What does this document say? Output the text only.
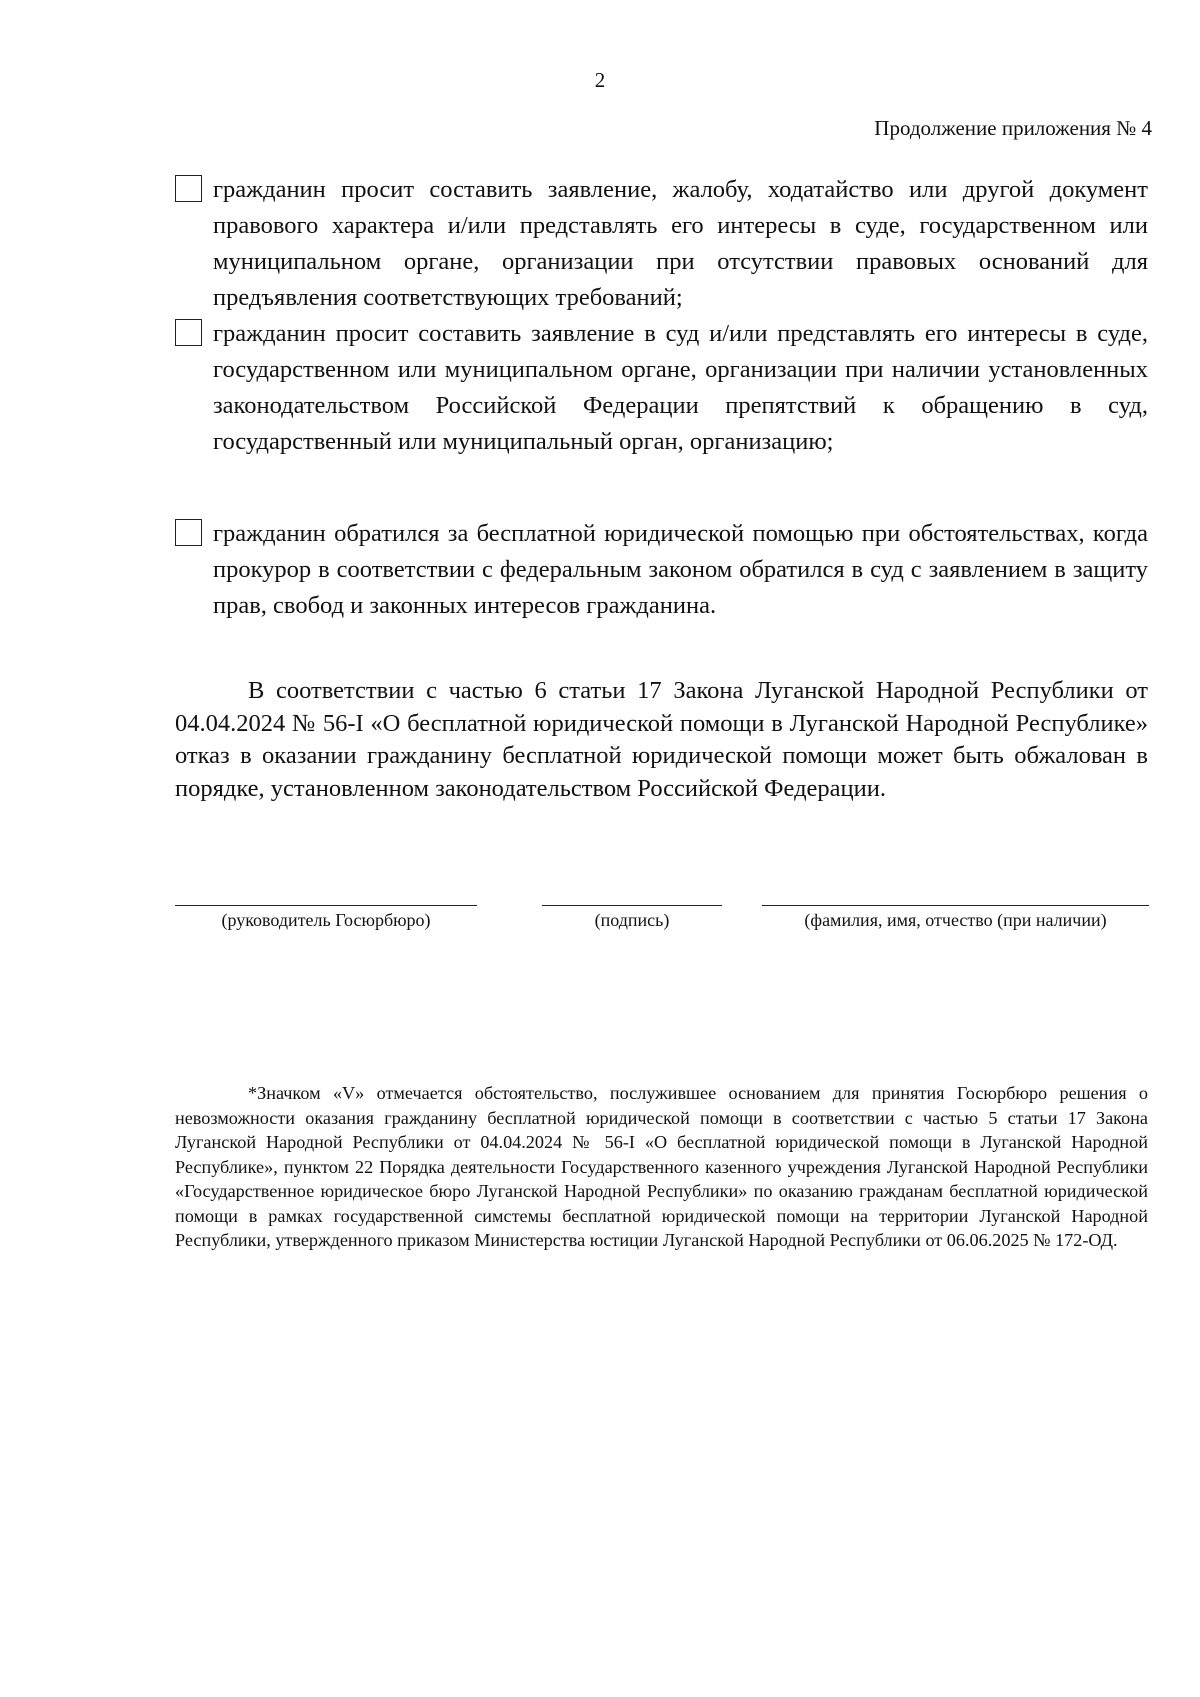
2
Продолжение приложения № 4

гражданин просит составить заявление, жалобу, ходатайство или другой документ правового характера и/или представлять его интересы в суде, государственном или муниципальном органе, организации при отсутствии правовых оснований для предъявления соответствующих требований;

гражданин просит составить заявление в суд и/или представлять его интересы в суде, государственном или муниципальном органе, организации при наличии установленных законодательством Российской Федерации препятствий к обращению в суд, государственный или муниципальный орган, организацию;

гражданин обратился за бесплатной юридической помощью при обстоятельствах, когда прокурор в соответствии с федеральным законом обратился в суд с заявлением в защиту прав, свобод и законных интересов гражданина.

В соответствии с частью 6 статьи 17 Закона Луганской Народной Республики от 04.04.2024 № 56-I «О бесплатной юридической помощи в Луганской Народной Республике» отказ в оказании гражданину бесплатной юридической помощи может быть обжалован в порядке, установленном законодательством Российской Федерации.

(руководитель Госюрбюро)	(подпись)	(фамилия, имя, отчество (при наличии)

*Значком «V» отмечается обстоятельство, послужившее основанием для принятия Госюрбюро решения о невозможности оказания гражданину бесплатной юридической помощи в соответствии с частью 5 статьи 17 Закона Луганской Народной Республики от 04.04.2024 № 56-I «О бесплатной юридической помощи в Луганской Народной Республике», пунктом 22 Порядка деятельности Государственного казенного учреждения Луганской Народной Республики «Государственное юридическое бюро Луганской Народной Республики» по оказанию гражданам бесплатной юридической помощи в рамках государственной симстемы бесплатной юридической помощи на территории Луганской Народной Республики, утвержденного приказом Министерства юстиции Луганской Народной Республики от 06.06.2025 № 172-ОД.
